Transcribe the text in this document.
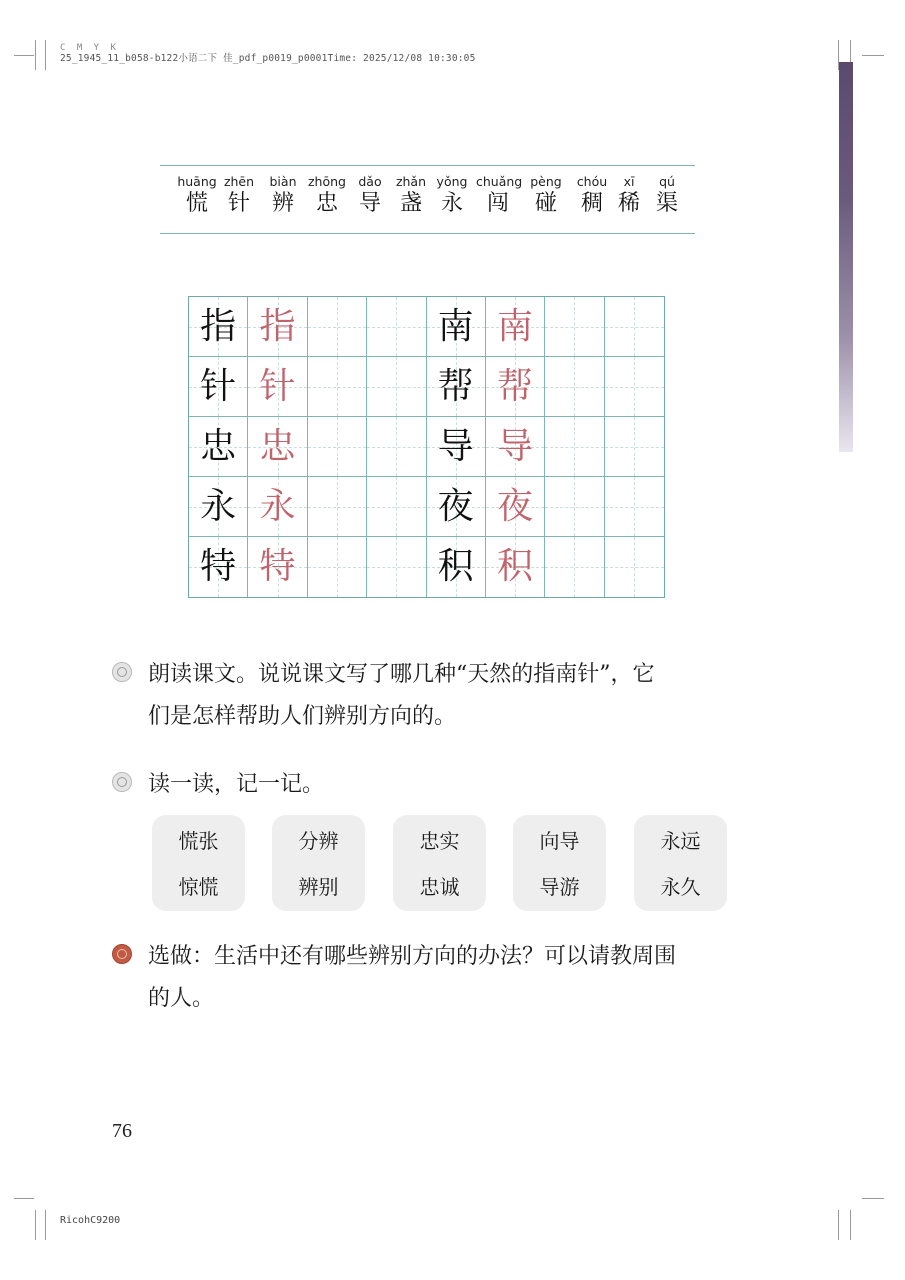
C M Y K
25_1945_11_b058-b122小语二下 佳_pdf_p0019_p0001Time: 2025/12/08 10:30:05
huāng
慌
zhēn
针
biàn
辨
zhōng
忠
dǎo
导
zhǎn
盏
yǒng
永
chuǎng
闯
pèng
碰
chóu
稠
xī
稀
qú
渠
指 指	南 南
针 针	帮 帮
忠 忠	导 导
永 永	夜 夜
特 特	积 积
朗读课文。说说课文写了哪几种“天然的指南针”，它
们是怎样帮助人们辨别方向的。
读一读，记一记。
慌张
惊慌
分辨
辨别
忠实
忠诚
向导
导游
永远
永久
选做：生活中还有哪些辨别方向的办法？可以请教周围
的人。
76
RicohC9200
